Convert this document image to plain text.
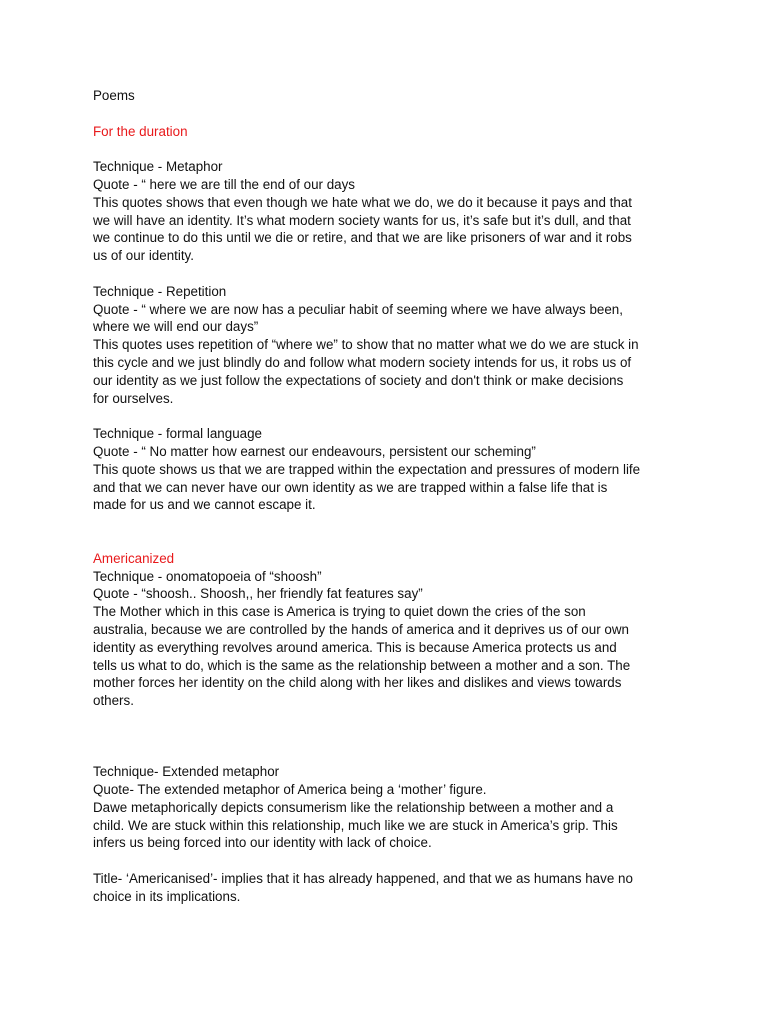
Poems
For the duration
Technique - Metaphor
Quote - “ here we are till the end of our days
This quotes shows that even though we hate what we do, we do it because it pays and that
we will have an identity. It’s what modern society wants for us, it’s safe but it’s dull, and that
we continue to do this until we die or retire, and that we are like prisoners of war and it robs
us of our identity.
Technique - Repetition
Quote - “ where we are now has a peculiar habit of seeming where we have always been,
where we will end our days”
This quotes uses repetition of “where we” to show that no matter what we do we are stuck in
this cycle and we just blindly do and follow what modern society intends for us, it robs us of
our identity as we just follow the expectations of society and don't think or make decisions
for ourselves.
Technique - formal language
Quote - “ No matter how earnest our endeavours, persistent our scheming”
This quote shows us that we are trapped within the expectation and pressures of modern life
and that we can never have our own identity as we are trapped within a false life that is
made for us and we cannot escape it.
Americanized
Technique - onomatopoeia of “shoosh”
Quote - “shoosh.. Shoosh,, her friendly fat features say”
The Mother which in this case is America is trying to quiet down the cries of the son
australia, because we are controlled by the hands of america and it deprives us of our own
identity as everything revolves around america. This is because America protects us and
tells us what to do, which is the same as the relationship between a mother and a son. The
mother forces her identity on the child along with her likes and dislikes and views towards
others.
Technique- Extended metaphor
Quote- The extended metaphor of America being a ‘mother’ figure.
Dawe metaphorically depicts consumerism like the relationship between a mother and a
child. We are stuck within this relationship, much like we are stuck in America’s grip. This
infers us being forced into our identity with lack of choice.
Title- ‘Americanised’- implies that it has already happened, and that we as humans have no
choice in its implications.
